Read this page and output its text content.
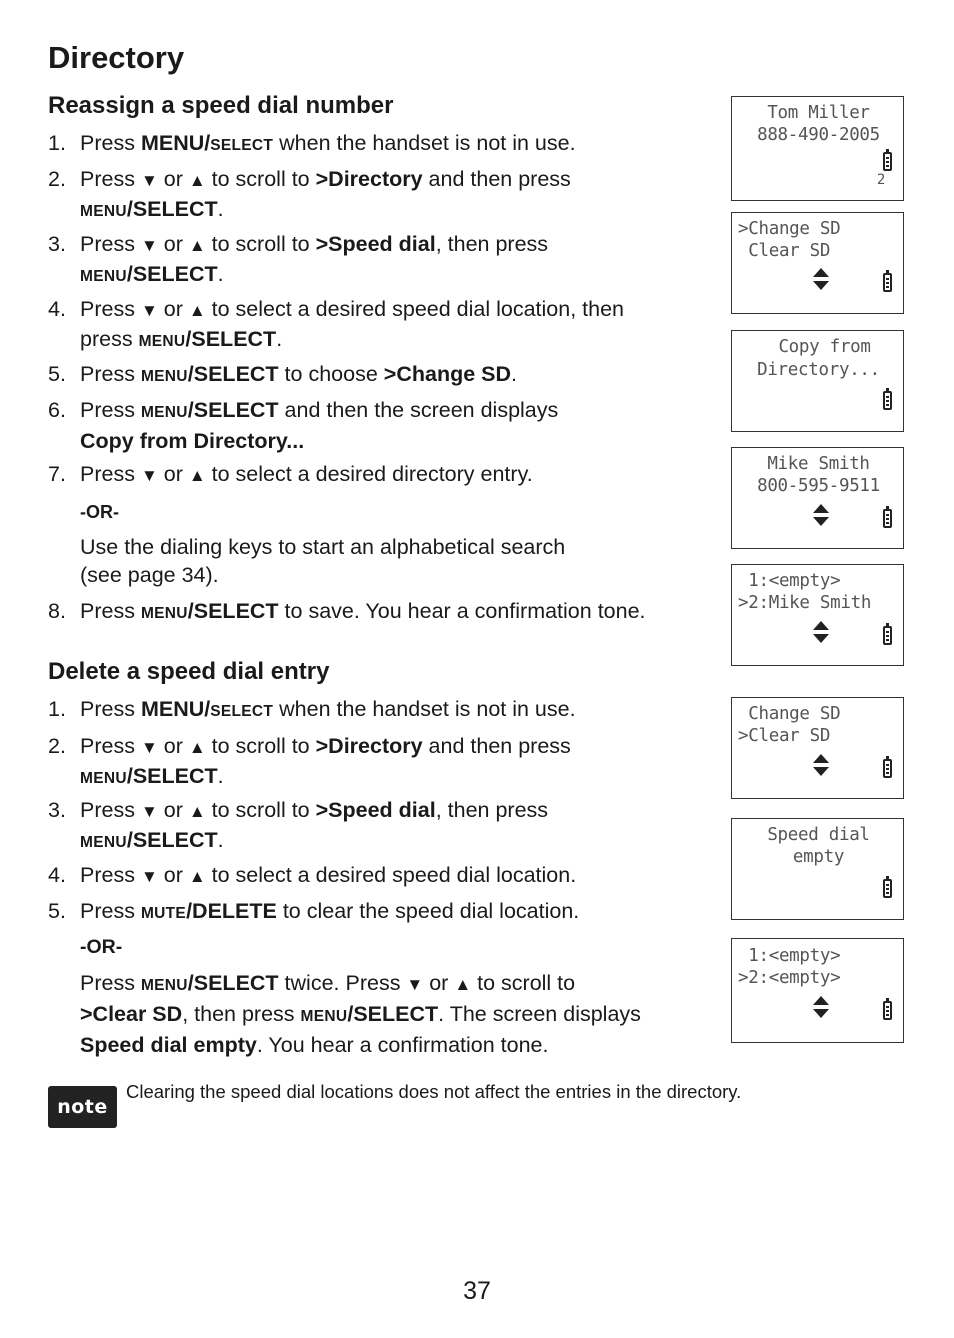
Directory
Reassign a speed dial number
1. Press MENU/SELECT when the handset is not in use.
2. Press ▼ or ▲ to scroll to >Directory and then press
MENU/SELECT.
3. Press ▼ or ▲ to scroll to >Speed dial, then press
MENU/SELECT.
4. Press ▼ or ▲ to select a desired speed dial location, then
press MENU/SELECT.
5. Press MENU/SELECT to choose >Change SD.
6. Press MENU/SELECT and then the screen displays
Copy from Directory...
7. Press ▼ or ▲ to select a desired directory entry.
-OR-
Use the dialing keys to start an alphabetical search
(see page 34).
8. Press MENU/SELECT to save. You hear a confirmation tone.
Delete a speed dial entry
1. Press MENU/SELECT when the handset is not in use.
2. Press ▼ or ▲ to scroll to >Directory and then press
MENU/SELECT.
3. Press ▼ or ▲ to scroll to >Speed dial, then press
MENU/SELECT.
4. Press ▼ or ▲ to select a desired speed dial location.
5. Press MUTE/DELETE to clear the speed dial location.
-OR-
Press MENU/SELECT twice. Press ▼ or ▲ to scroll to
>Clear SD, then press MENU/SELECT. The screen displays
Speed dial empty. You hear a confirmation tone.
Tom Miller
888-490-2005
2
>Change SD
Clear SD
Copy from
Directory...
Mike Smith
800-595-9511
1:<empty>
>2:Mike Smith
Change SD
>Clear SD
Speed dial
empty
1:<empty>
>2:<empty>
note
Clearing the speed dial locations does not affect the entries in the directory.
37
